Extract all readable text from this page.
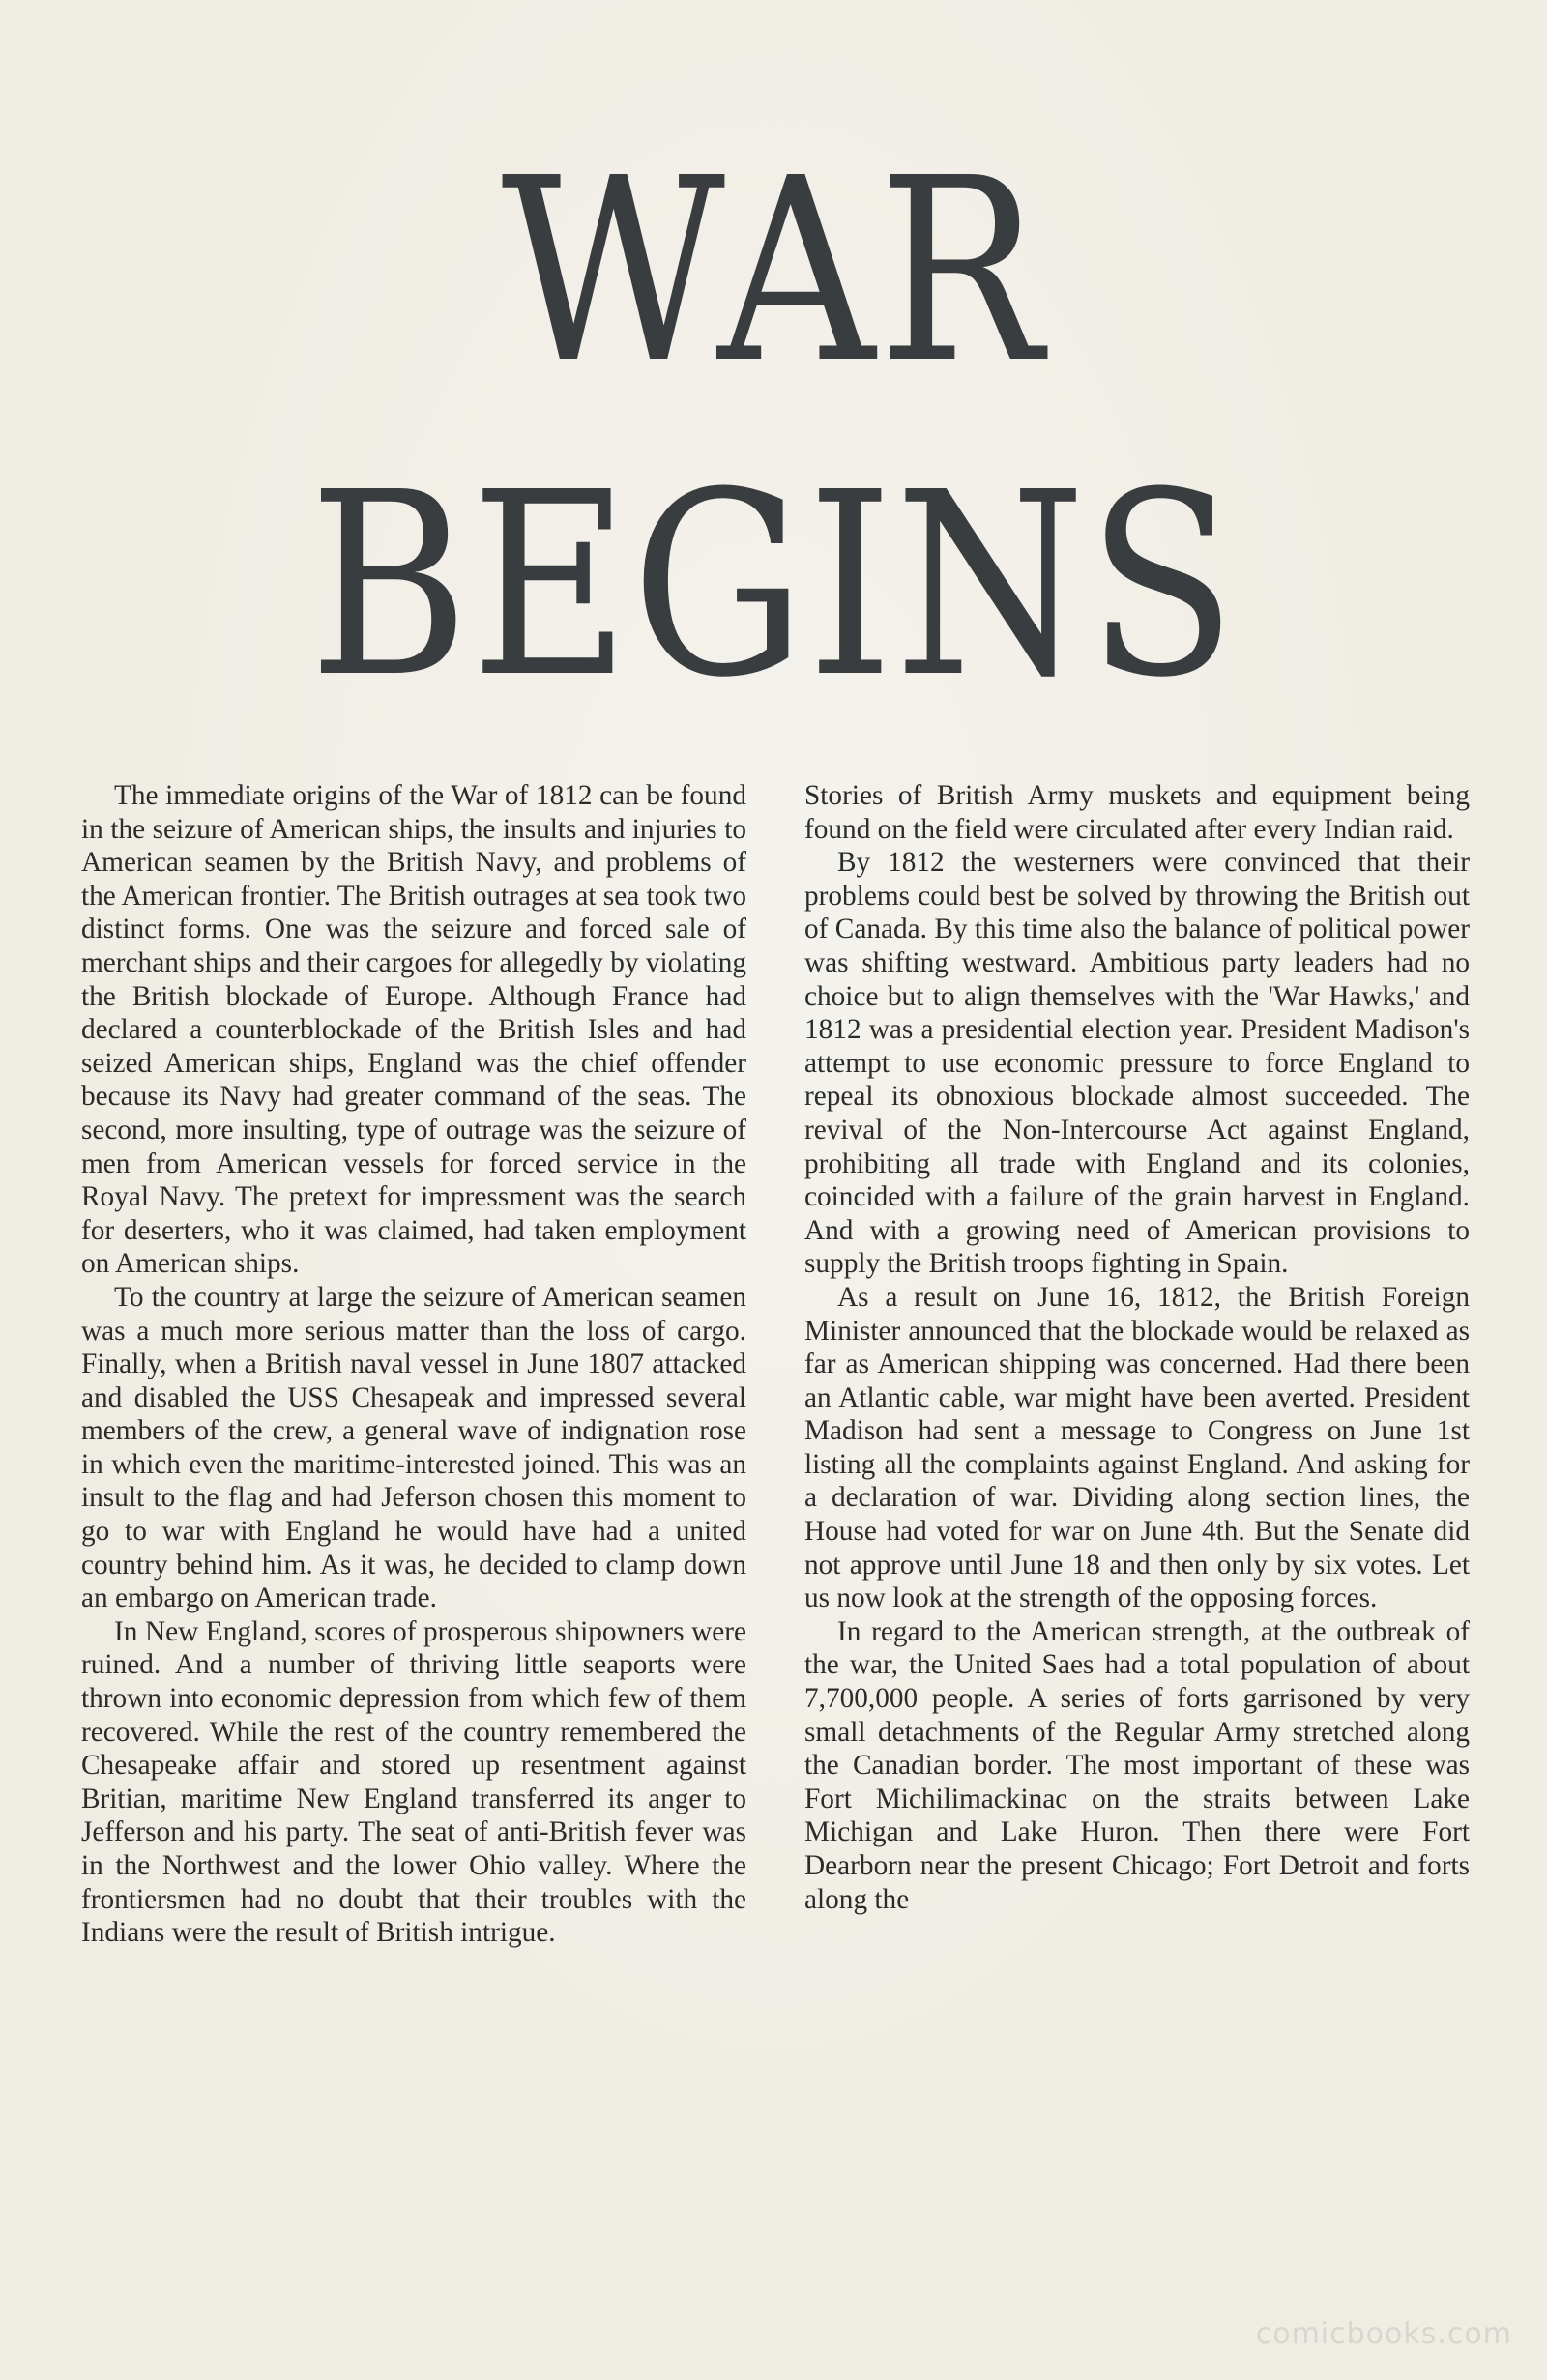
WAR
BEGINS

The immediate origins of the War of 1812 can be found in the seizure of American ships, the insults and injuries to American seamen by the British Navy, and problems of the American frontier. The British outrages at sea took two distinct forms. One was the seizure and forced sale of merchant ships and their cargoes for allegedly by violating the British blockade of Europe. Although France had declared a counterblockade of the British Isles and had seized American ships, England was the chief offender because its Navy had greater command of the seas. The second, more insulting, type of outrage was the seizure of men from American vessels for forced service in the Royal Navy. The pretext for impressment was the search for deserters, who it was claimed, had taken employment on American ships.

To the country at large the seizure of American seamen was a much more serious matter than the loss of cargo. Finally, when a British naval vessel in June 1807 attacked and disabled the USS Chesapeak and impressed several members of the crew, a general wave of indignation rose in which even the maritime-interested joined. This was an insult to the flag and had Jeferson chosen this moment to go to war with England he would have had a united country behind him. As it was, he decided to clamp down an embargo on American trade.

In New England, scores of prosperous shipowners were ruined. And a number of thriving little seaports were thrown into economic depression from which few of them recovered. While the rest of the country remembered the Chesapeake affair and stored up resentment against Britian, maritime New England transferred its anger to Jefferson and his party. The seat of anti-British fever was in the Northwest and the lower Ohio valley. Where the frontiersmen had no doubt that their troubles with the Indians were the result of British intrigue.

Stories of British Army muskets and equipment being found on the field were circulated after every Indian raid.

By 1812 the westerners were convinced that their problems could best be solved by throwing the British out of Canada. By this time also the balance of political power was shifting westward. Ambitious party leaders had no choice but to align themselves with the 'War Hawks,' and 1812 was a presidential election year. President Madison's attempt to use economic pressure to force England to repeal its obnoxious blockade almost succeeded. The revival of the Non-Intercourse Act against England, prohibiting all trade with England and its colonies, coincided with a failure of the grain harvest in England. And with a growing need of American provisions to supply the British troops fighting in Spain.

As a result on June 16, 1812, the British Foreign Minister announced that the blockade would be relaxed as far as American shipping was concerned. Had there been an Atlantic cable, war might have been averted. President Madison had sent a message to Congress on June 1st listing all the complaints against England. And asking for a declaration of war. Dividing along section lines, the House had voted for war on June 4th. But the Senate did not approve until June 18 and then only by six votes. Let us now look at the strength of the opposing forces.

In regard to the American strength, at the outbreak of the war, the United Saes had a total population of about 7,700,000 people. A series of forts garrisoned by very small detachments of the Regular Army stretched along the Canadian border. The most important of these was Fort Michilimackinac on the straits between Lake Michigan and Lake Huron. Then there were Fort Dearborn near the present Chicago; Fort Detroit and forts along the

comicbooks.com
